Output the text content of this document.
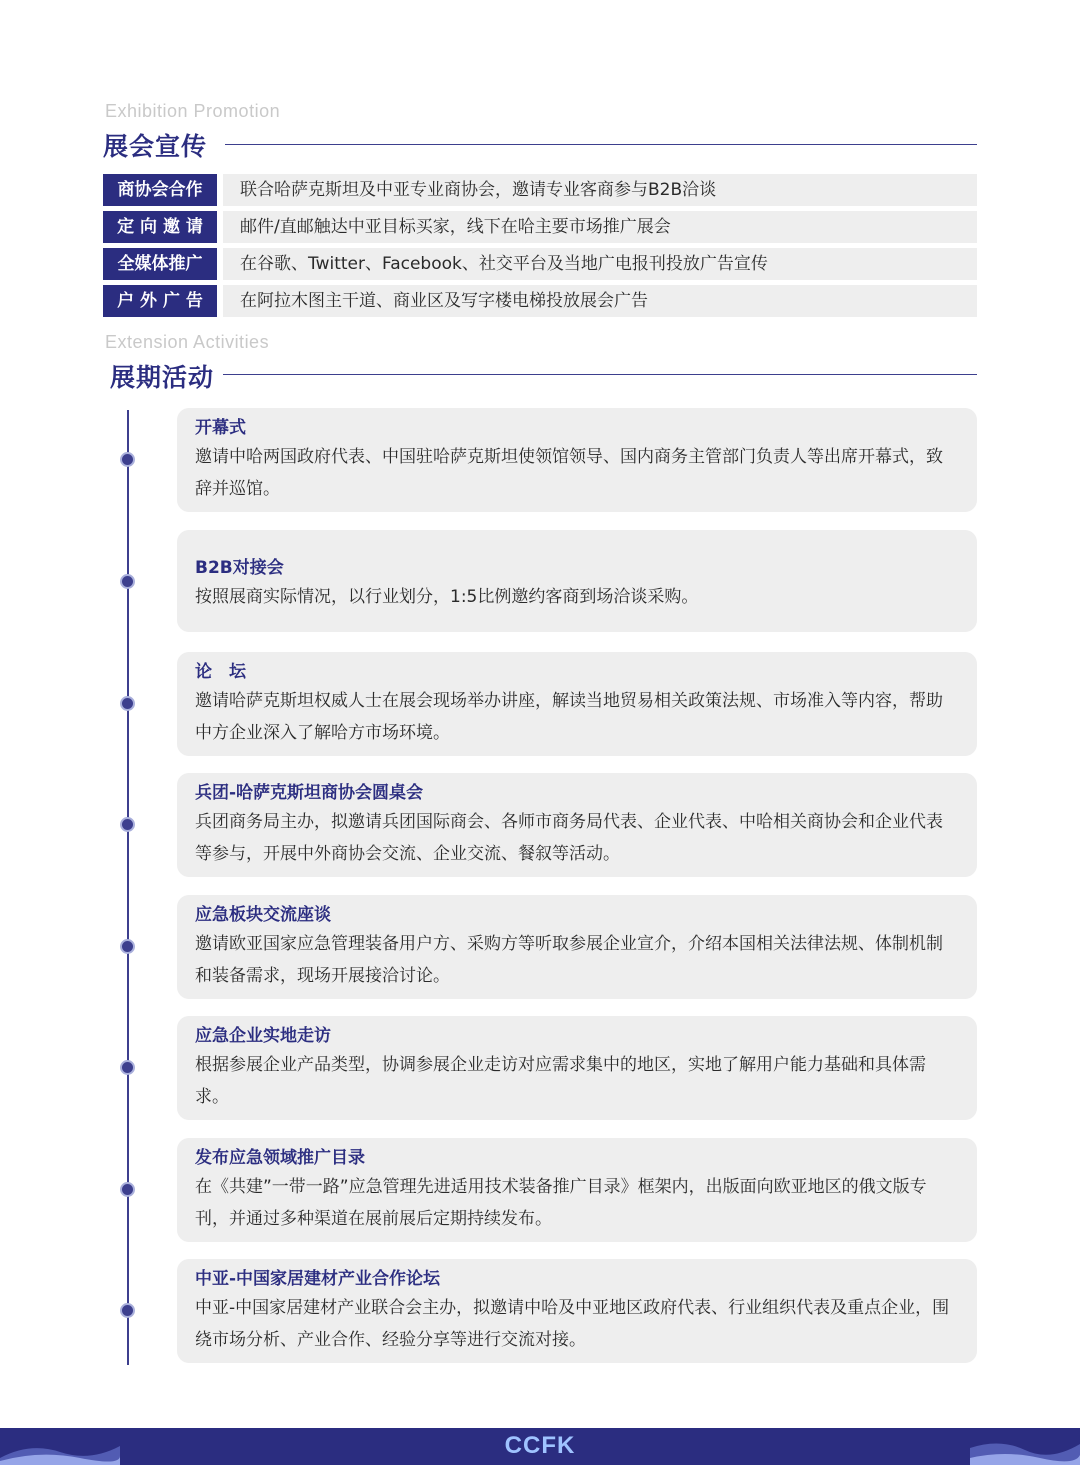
Exhibition Promotion
展会宣传
商协会合作	联合哈萨克斯坦及中亚专业商协会，邀请专业客商参与B2B洽谈
定 向 邀 请	邮件/直邮触达中亚目标买家，线下在哈主要市场推广展会
全媒体推广	在谷歌、Twitter、Facebook、社交平台及当地广电报刊投放广告宣传
户 外 广 告	在阿拉木图主干道、商业区及写字楼电梯投放展会广告
Extension Activities
展期活动
开幕式
邀请中哈两国政府代表、中国驻哈萨克斯坦使领馆领导、国内商务主管部门负责人等出席开幕式，致辞并巡馆。
B2B对接会
按照展商实际情况，以行业划分，1:5比例邀约客商到场洽谈采购。
论　坛
邀请哈萨克斯坦权威人士在展会现场举办讲座，解读当地贸易相关政策法规、市场准入等内容，帮助中方企业深入了解哈方市场环境。
兵团-哈萨克斯坦商协会圆桌会
兵团商务局主办，拟邀请兵团国际商会、各师市商务局代表、企业代表、中哈相关商协会和企业代表等参与，开展中外商协会交流、企业交流、餐叙等活动。
应急板块交流座谈
邀请欧亚国家应急管理装备用户方、采购方等听取参展企业宣介，介绍本国相关法律法规、体制机制和装备需求，现场开展接洽讨论。
应急企业实地走访
根据参展企业产品类型，协调参展企业走访对应需求集中的地区，实地了解用户能力基础和具体需求。
发布应急领域推广目录
在《共建”一带一路”应急管理先进适用技术装备推广目录》框架内，出版面向欧亚地区的俄文版专刊，并通过多种渠道在展前展后定期持续发布。
中亚-中国家居建材产业合作论坛
中亚-中国家居建材产业联合会主办，拟邀请中哈及中亚地区政府代表、行业组织代表及重点企业，围绕市场分析、产业合作、经验分享等进行交流对接。
CCFK
